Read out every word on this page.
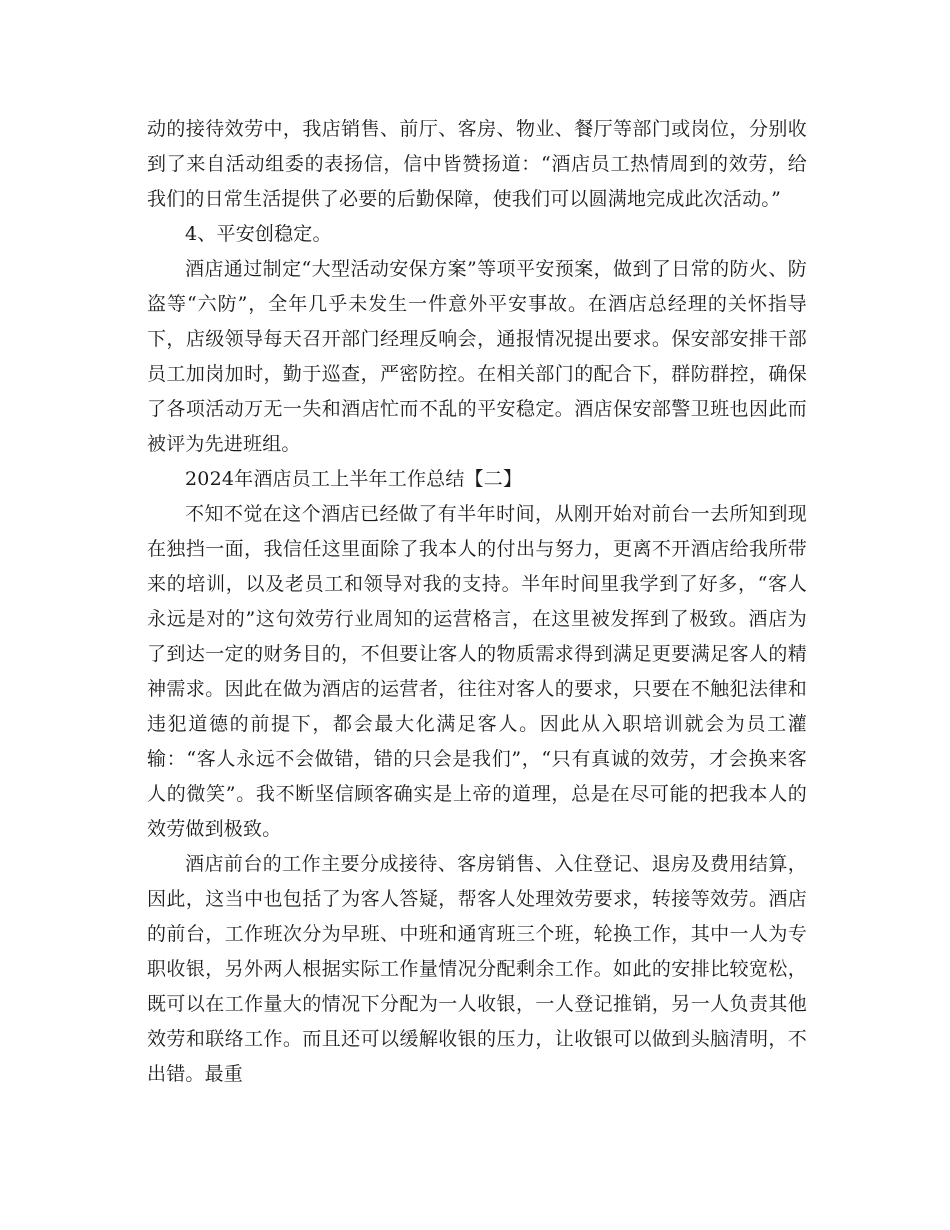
动的接待效劳中，我店销售、前厅、客房、物业、餐厅等部门或岗位，分别收到了来自活动组委的表扬信，信中皆赞扬道：“酒店员工热情周到的效劳，给我们的日常生活提供了必要的后勤保障，使我们可以圆满地完成此次活动。”

4、平安创稳定。

酒店通过制定“大型活动安保方案”等项平安预案，做到了日常的防火、防盗等“六防”，全年几乎未发生一件意外平安事故。在酒店总经理的关怀指导下，店级领导每天召开部门经理反响会，通报情况提出要求。保安部安排干部员工加岗加时，勤于巡查，严密防控。在相关部门的配合下，群防群控，确保了各项活动万无一失和酒店忙而不乱的平安稳定。酒店保安部警卫班也因此而被评为先进班组。

2024年酒店员工上半年工作总结【二】

不知不觉在这个酒店已经做了有半年时间，从刚开始对前台一去所知到现在独挡一面，我信任这里面除了我本人的付出与努力，更离不开酒店给我所带来的培训，以及老员工和领导对我的支持。半年时间里我学到了好多，“客人永远是对的”这句效劳行业周知的运营格言，在这里被发挥到了极致。酒店为了到达一定的财务目的，不但要让客人的物质需求得到满足更要满足客人的精神需求。因此在做为酒店的运营者，往往对客人的要求，只要在不触犯法律和违犯道德的前提下，都会最大化满足客人。因此从入职培训就会为员工灌输：“客人永远不会做错，错的只会是我们”，“只有真诚的效劳，才会换来客人的微笑”。我不断坚信顾客确实是上帝的道理，总是在尽可能的把我本人的效劳做到极致。

酒店前台的工作主要分成接待、客房销售、入住登记、退房及费用结算，因此，这当中也包括了为客人答疑，帮客人处理效劳要求，转接等效劳。酒店的前台，工作班次分为早班、中班和通宵班三个班，轮换工作，其中一人为专职收银，另外两人根据实际工作量情况分配剩余工作。如此的安排比较宽松，既可以在工作量大的情况下分配为一人收银，一人登记推销，另一人负责其他效劳和联络工作。而且还可以缓解收银的压力，让收银可以做到头脑清明，不出错。最重
